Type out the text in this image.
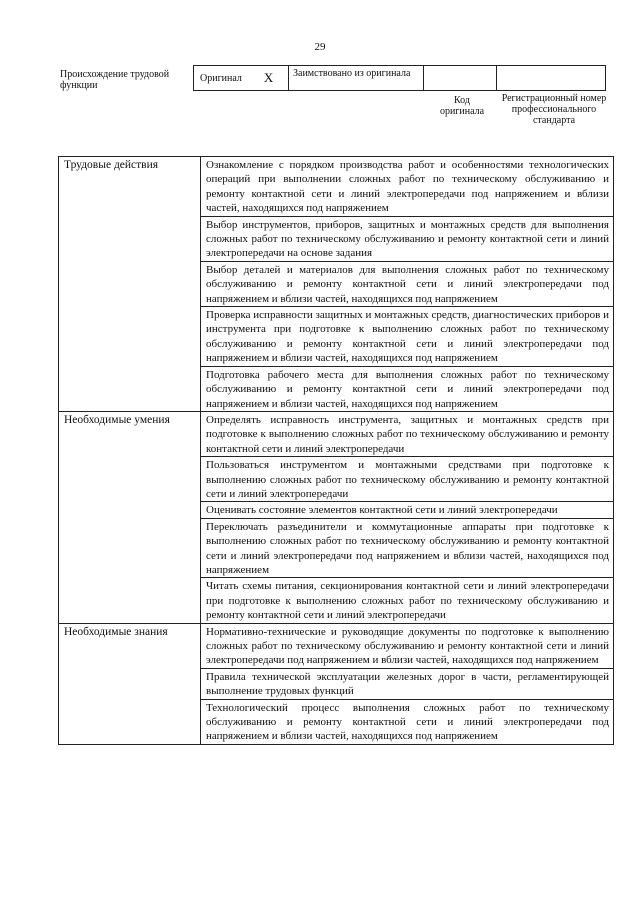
29
Происхождение трудовой функции
Оригинал X	Заимствовано из оригинала
Код оригинала
Регистрационный номер профессионального стандарта
Трудовые действия	Ознакомление с порядком производства работ и особенностями технологических операций при выполнении сложных работ по техническому обслуживанию и ремонту контактной сети и линий электропередачи под напряжением и вблизи частей, находящихся под напряжением
Выбор инструментов, приборов, защитных и монтажных средств для выполнения сложных работ по техническому обслуживанию и ремонту контактной сети и линий электропередачи на основе задания
Выбор деталей и материалов для выполнения сложных работ по техническому обслуживанию и ремонту контактной сети и линий электропередачи под напряжением и вблизи частей, находящихся под напряжением
Проверка исправности защитных и монтажных средств, диагностических приборов и инструмента при подготовке к выполнению сложных работ по техническому обслуживанию и ремонту контактной сети и линий электропередачи под напряжением и вблизи частей, находящихся под напряжением
Подготовка рабочего места для выполнения сложных работ по техническому обслуживанию и ремонту контактной сети и линий электропередачи под напряжением и вблизи частей, находящихся под напряжением
Необходимые умения	Определять исправность инструмента, защитных и монтажных средств при подготовке к выполнению сложных работ по техническому обслуживанию и ремонту контактной сети и линий электропередачи
Пользоваться инструментом и монтажными средствами при подготовке к выполнению сложных работ по техническому обслуживанию и ремонту контактной сети и линий электропередачи
Оценивать состояние элементов контактной сети и линий электропередачи
Переключать разъединители и коммутационные аппараты при подготовке к выполнению сложных работ по техническому обслуживанию и ремонту контактной сети и линий электропередачи под напряжением и вблизи частей, находящихся под напряжением
Читать схемы питания, секционирования контактной сети и линий электропередачи при подготовке к выполнению сложных работ по техническому обслуживанию и ремонту контактной сети и линий электропередачи
Необходимые знания	Нормативно-технические и руководящие документы по подготовке к выполнению сложных работ по техническому обслуживанию и ремонту контактной сети и линий электропередачи под напряжением и вблизи частей, находящихся под напряжением
Правила технической эксплуатации железных дорог в части, регламентирующей выполнение трудовых функций
Технологический процесс выполнения сложных работ по техническому обслуживанию и ремонту контактной сети и линий электропередачи под напряжением и вблизи частей, находящихся под напряжением
